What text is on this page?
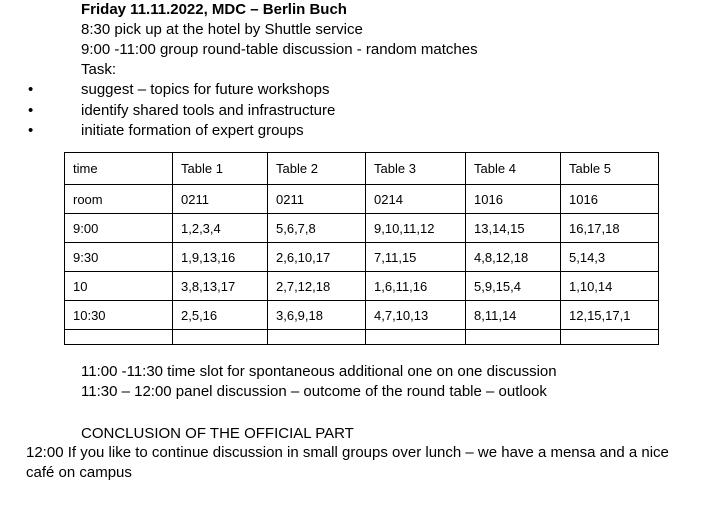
Friday 11.11.2022, MDC – Berlin Buch
8:30 pick up at the hotel by Shuttle service
9:00 -11:00 group round-table discussion - random matches
Task:
•	suggest – topics for future workshops
•	identify shared tools and infrastructure
•	initiate formation of expert groups
time	Table 1	Table 2	Table 3	Table 4	Table 5
room	0211	0211	0214	1016	1016
9:00	1,2,3,4	5,6,7,8	9,10,11,12	13,14,15	16,17,18
9:30	1,9,13,16	2,6,10,17	7,11,15	4,8,12,18	5,14,3
10	3,8,13,17	2,7,12,18	1,6,11,16	5,9,15,4	1,10,14
10:30	2,5,16	3,6,9,18	4,7,10,13	8,11,14	12,15,17,1

11:00 -11:30 time slot for spontaneous additional one on one discussion
11:30 – 12:00 panel discussion – outcome of the round table – outlook
CONCLUSION OF THE OFFICIAL PART
12:00 If you like to continue discussion in small groups over lunch – we have a mensa and a nice
café on campus
